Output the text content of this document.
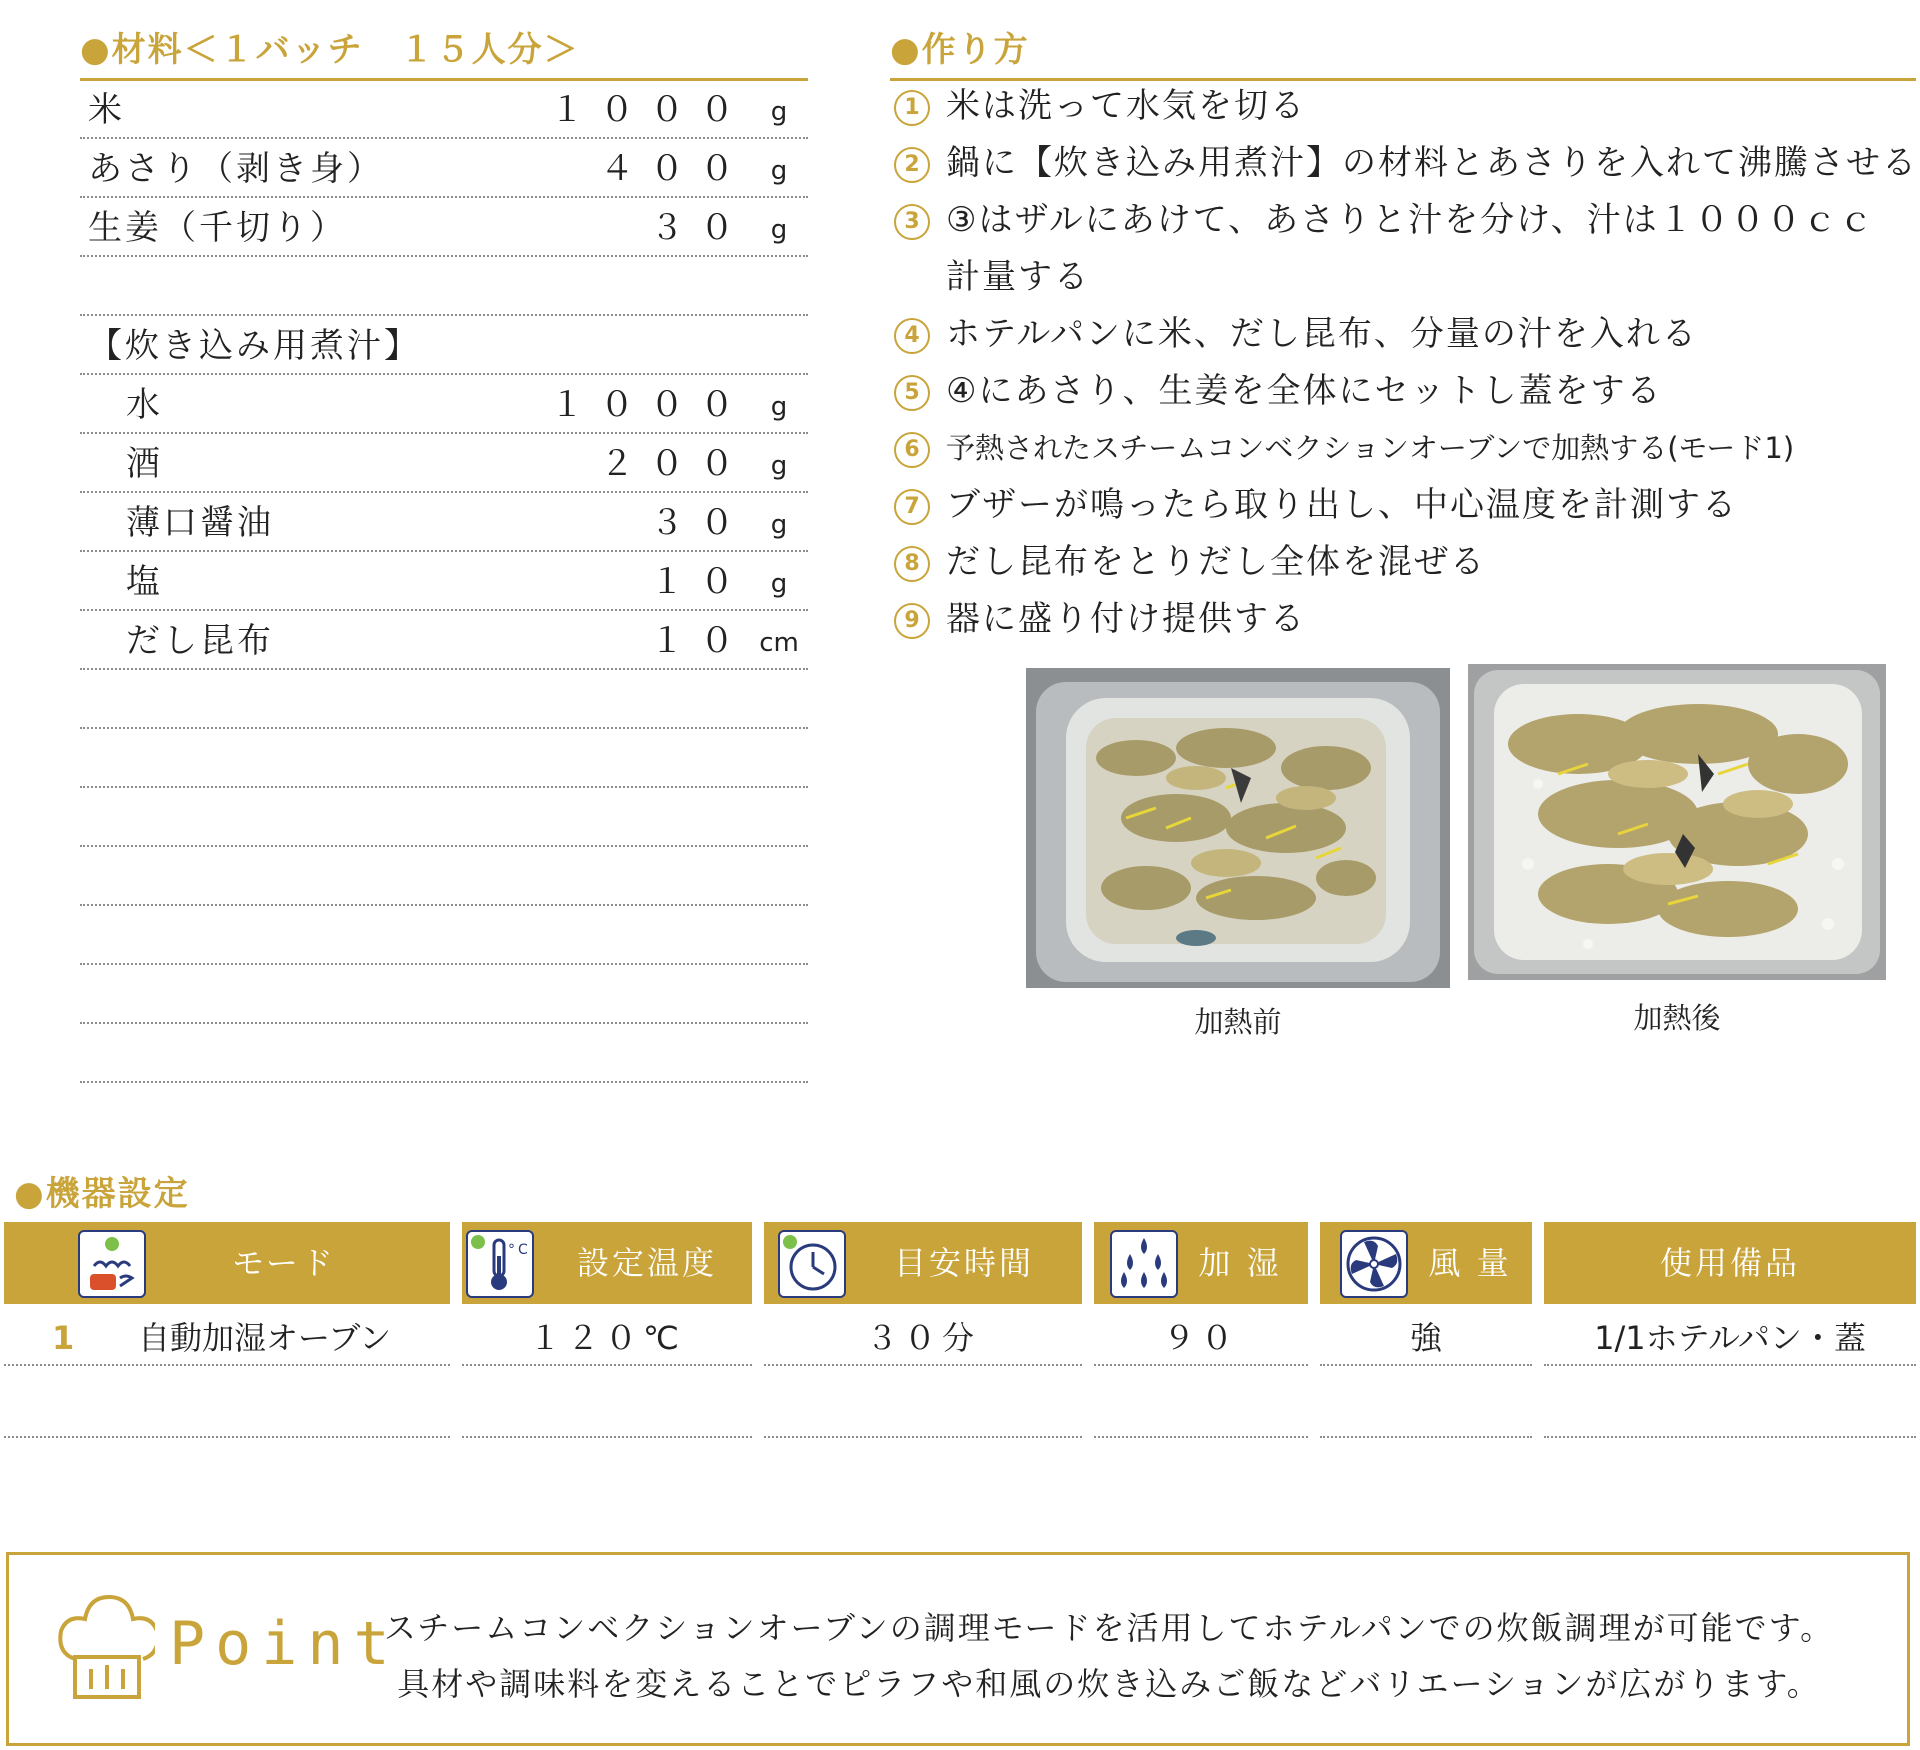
●材料＜１バッチ　１５人分＞
米	１０００ g
あさり（剥き身）	４００ g
生姜（千切り）	３０ g
【炊き込み用煮汁】
水	１０００ g
酒	２００ g
薄口醤油	３０ g
塩	１０ g
だし昆布	１０ cm
●作り方
1 米は洗って水気を切る
2 鍋に【炊き込み用煮汁】の材料とあさりを入れて沸騰させる
3 ③はザルにあけて、あさりと汁を分け、汁は１０００ｃｃ
計量する
4 ホテルパンに米、だし昆布、分量の汁を入れる
5 ④にあさり、生姜を全体にセットし蓋をする
6 予熱されたスチームコンベクションオーブンで加熱する(モード1)
7 ブザーが鳴ったら取り出し、中心温度を計測する
8 だし昆布をとりだし全体を混ぜる
9 器に盛り付け提供する
加熱前	加熱後
●機器設定
モード	°C	設定温度	目安時間	加 湿	風 量	使用備品
1 自動加湿オーブン	１２０℃	３０分	９０	強	1/1ホテルパン・蓋
Point
スチームコンベクションオーブンの調理モードを活用してホテルパンでの炊飯調理が可能です。
具材や調味料を変えることでピラフや和風の炊き込みご飯などバリエーションが広がります。
